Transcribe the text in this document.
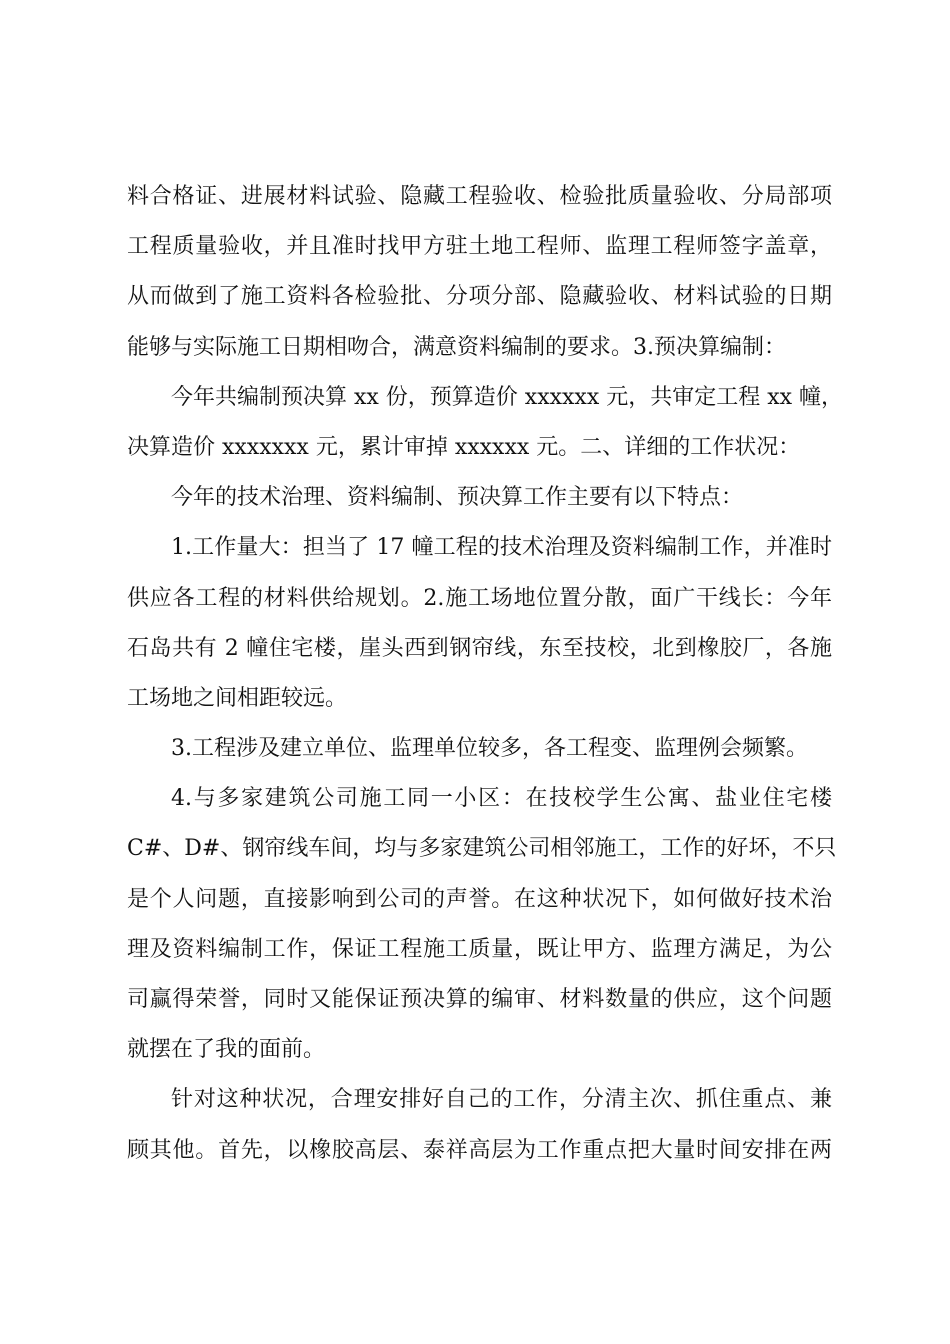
料合格证、进展材料试验、隐藏工程验收、检验批质量验收、分局部项
工程质量验收，并且准时找甲方驻土地工程师、监理工程师签字盖章，
从而做到了施工资料各检验批、分项分部、隐藏验收、材料试验的日期
能够与实际施工日期相吻合，满意资料编制的要求。3.预决算编制：
今年共编制预决算 xx 份，预算造价 xxxxxx 元，共审定工程 xx 幢，
决算造价 xxxxxxx 元，累计审掉 xxxxxx 元。二、详细的工作状况：
今年的技术治理、资料编制、预决算工作主要有以下特点：
1.工作量大：担当了 17 幢工程的技术治理及资料编制工作，并准时
供应各工程的材料供给规划。2.施工场地位置分散，面广干线长：今年
石岛共有 2 幢住宅楼，崖头西到钢帘线，东至技校，北到橡胶厂，各施
工场地之间相距较远。
3.工程涉及建立单位、监理单位较多，各工程变、监理例会频繁。
4.与多家建筑公司施工同一小区：在技校学生公寓、盐业住宅楼
C#、D#、钢帘线车间，均与多家建筑公司相邻施工，工作的好坏，不只
是个人问题，直接影响到公司的声誉。在这种状况下，如何做好技术治
理及资料编制工作，保证工程施工质量，既让甲方、监理方满足，为公
司赢得荣誉，同时又能保证预决算的编审、材料数量的供应，这个问题
就摆在了我的面前。
针对这种状况，合理安排好自己的工作，分清主次、抓住重点、兼
顾其他。首先，以橡胶高层、泰祥高层为工作重点把大量时间安排在两
